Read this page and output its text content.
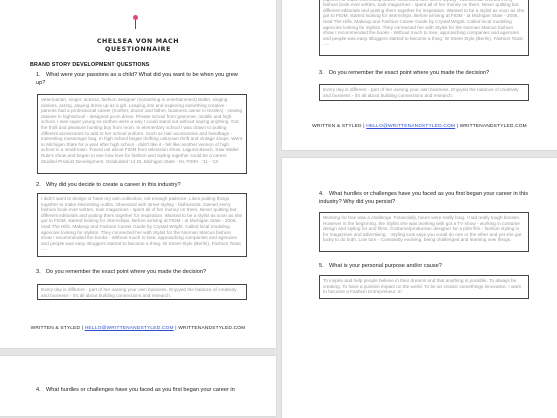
CHELSEA VON MACH
QUESTIONNAIRE
BRAND STORY DEVELOPMENT QUESTIONS
1. What were your passions as a child? What did you want to be when you grew up?
Veterinarian, singer, actress, fashion designer (something in entertainment) Ballet, singing classes, acting, playing dress up as a girl. Leaping into and exploring something creative - parents had a professional career (mother, doctor and father, business owner in textiles) - sewing classes in highschool - designed prom dress. Private school from grammer, middle and high school, I was super young so clothes were a way I could stand out without saying anything. Got the thrill and pleasure hunting buy from mom. In elementary school I was drawn to putting different accessories to add to her school uniform. Such as hair accessories and handbags - interesting messenger bag. In high school began thrifting unknown thrift and vintage shops. Went to Michigan State for a year after high school - didn't like it - felt like another version of high school in a small town. Found out about FIDM from television show, Laguna Beach. Saw Walter Rule's show and began to see how love for fashion and styling together could be a career. Studied Product Development. Graduated '14 DL Michigan State - IN. FIDM - '11 - '13
2. Why did you decide to create a career in this industry?
I didn't want to design or have my own collection, not enough patience. Likes putting things together to make interesting outfits. Obsessed with street styling - fashionista. Owned every fashion book ever written, took magazines - spent all of her money on them. Never quitting but different editorials and putting them together for inspiration. Wanted to be a stylist as soon as she got to FIDM, started looking for internships. Before arriving at FIDM - at Michigan State - 2006, read The Hills. Makeup and Fashion Career Guide by Crystal Wright. Called local modeling agencies looking for stylists. They connected her with Stylist for the Norman Marcus fashion show I recommended the books - Without much to lose, approaching companies and agencies and people was easy. Bloggers started to become a thing. W Street Style (Berlin), Fashion Toast, .....
3. Do you remember the exact point where you made the decision?
Every day is different - part of her owning your own business. Enjoyed the balance of creativity and business - it's all about building connections and research.
WRITTEN & STYLED | HELLO@WRITTENANDSTYLED.COM | WRITTENANDSTYLED.COM
4. What hurdles or challenges have you faced as you first began your career in
fashion book ever written, took magazines - spent all of her money on them. Never quitting but different editorials and putting them together for inspiration. Wanted to be a stylist as soon as she got to FIDM, started looking for internships. Before arriving at FIDM - at Michigan State - 2006, read The Hills. Makeup and Fashion Career Guide by Crystal Wright. Called local modeling agencies looking for stylists. They connected her with Stylist for the Norman Marcus fashion show I recommended the books - Without much to lose, approaching companies and agencies and people was easy. Bloggers started to become a thing. W Street Style (Berlin), Fashion Toast, .....
3. Do you remember the exact point where you made the decision?
Every day is different - part of her owning your own business. Enjoyed the balance of creativity and business - it's all about building connections and research.
WRITTEN & STYLED | HELLO@WRITTENANDSTYLED.COM | WRITTENANDSTYLED.COM
4. What hurdles or challenges have you faced as you first began your career in this industry? Why did you persist?
Working for free was a challenge. Financially, hours were really long, I had really tough bosses. However in the beginning, the Stylist she was working with got a TV show - working in costume design and styling for and films. Costume/production designer for a pilot film - fashion styling is for magazines and advertising. - Styling look says you could do one or the other and yet she got lucky to do both. Low turn - Constantly evolving, being challenged and learning new things.
5. What is your personal purpose and/or cause?
To inspire and help people believe in their dreams and that anything is possible. To always be creating. To have a positive impact on the world. To be an creator somethings innovative. I want to become a Fashion Entrepreneur. In
